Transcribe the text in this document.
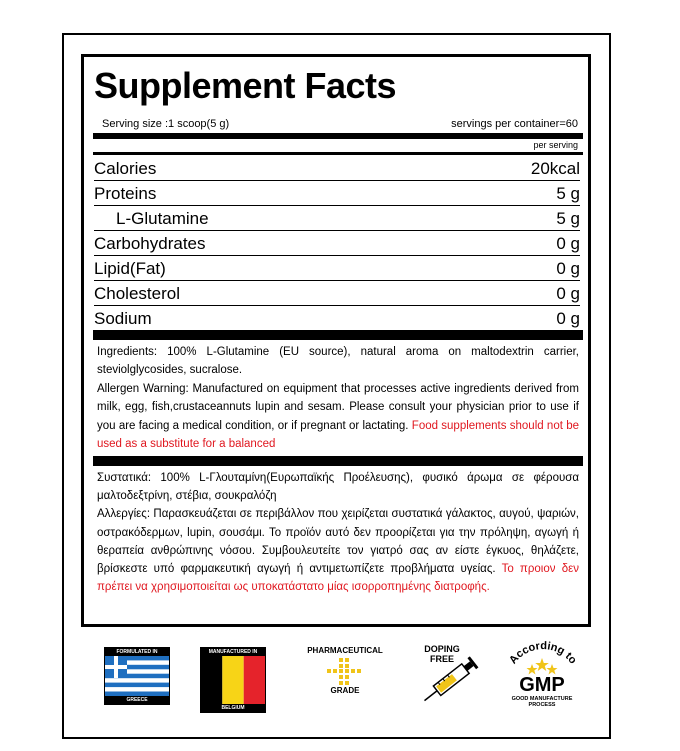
Supplement Facts
Serving size :1 scoop(5 g)	servings per container=60
per serving
Calories	20kcal
Proteins	5 g
L-Glutamine	5 g
Carbohydrates	0 g
Lipid(Fat)	0 g
Cholesterol	0 g
Sodium	0 g

Ingredients: 100% L-Glutamine (EU source), natural aroma on maltodextrin carrier, steviolglycosides, sucralose.

Allergen Warning: Manufactured on equipment that processes active ingredients derived from milk, egg, fish,crustaceannuts lupin and sesam. Please consult your physician prior to use if you are facing a medical condition, or if pregnant or lactating. Food supplements should not be used as a substitute for a balanced

Συστατικά: 100% L-Γλουταμίνη(Ευρωπαϊκής Προέλευσης), φυσικό άρωμα σε φέρουσα μαλτοδεξτρίνη, στέβια, σουκραλόζη

Αλλεργίες: Παρασκευάζεται σε περιβάλλον που χειρίζεται συστατικά γάλακτος, αυγού, ψαριών, οστρακόδερμων, lupin, σουσάμι. Το προϊόν αυτό δεν προορίζεται για την πρόληψη, αγωγή ή θεραπεία ανθρώπινης νόσου. Συμβουλευτείτε τον γιατρό σας αν είστε έγκυος, θηλάζετε, βρίσκεστε υπό φαρμακευτική αγωγή ή αντιμετωπίζετε προβλήματα υγείας. Το προιον δεν πρέπει να χρησιμοποιείται ως υποκατάστατο μίας ισορροπημένης διατροφής.

FORMULATED IN
GREECE
MANUFACTURED IN
BELGIUM
PHARMACEUTICAL
GRADE
DOPING
FREE	According to
GMP
GOOD MANUFACTURE
PROCESS
